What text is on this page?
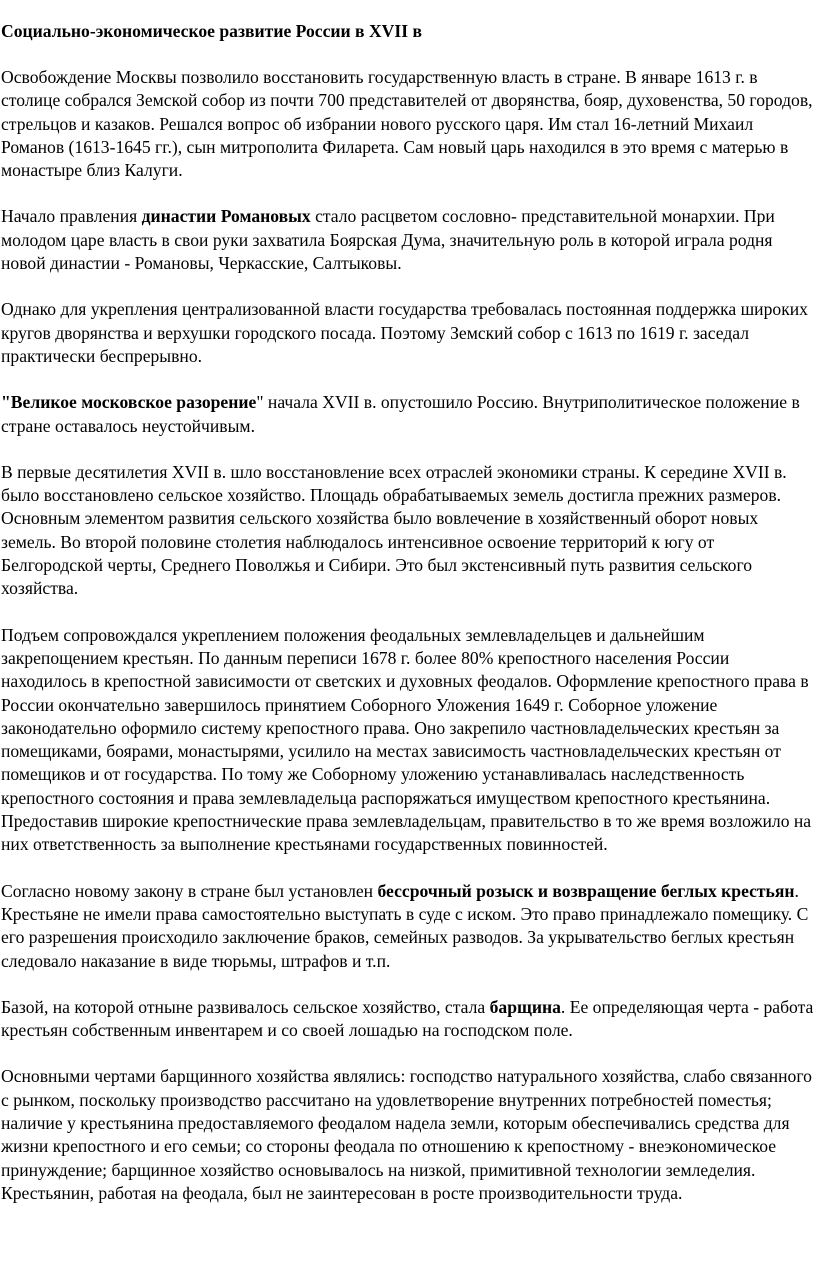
Социально-экономическое развитие России в XVII в

Освобождение Москвы позволило восстановить государственную власть в стране. В январе 1613 г. в столице собрался Земской собор из почти 700 представителей от дворянства, бояр, духовенства, 50 городов, стрельцов и казаков. Решался вопрос об избрании нового русского царя. Им стал 16-летний Михаил Романов (1613-1645 гг.), сын митрополита Филарета. Сам новый царь находился в это время с матерью в монастыре близ Калуги.

Начало правления династии Романовых стало расцветом сословно- представительной монархии. При молодом царе власть в свои руки захватила Боярская Дума, значительную роль в которой играла родня новой династии - Романовы, Черкасские, Салтыковы.

Однако для укрепления централизованной власти государства требовалась постоянная поддержка широких кругов дворянства и верхушки городского посада. Поэтому Земский собор с 1613 по 1619 г. заседал практически беспрерывно.

"Великое московское разорение" начала XVII в. опустошило Россию. Внутриполитическое положение в стране оставалось неустойчивым.

В первые десятилетия XVII в. шло восстановление всех отраслей экономики страны. К середине XVII в. было восстановлено сельское хозяйство. Площадь обрабатываемых земель достигла прежних размеров. Основным элементом развития сельского хозяйства было вовлечение в хозяйственный оборот новых земель. Во второй половине столетия наблюдалось интенсивное освоение территорий к югу от Белгородской черты, Среднего Поволжья и Сибири. Это был экстенсивный путь развития сельского хозяйства.

Подъем сопровождался укреплением положения феодальных землевладельцев и дальнейшим закрепощением крестьян. По данным переписи 1678 г. более 80% крепостного населения России находилось в крепостной зависимости от светских и духовных феодалов. Оформление крепостного права в России окончательно завершилось принятием Соборного Уложения 1649 г. Соборное уложение законодательно оформило систему крепостного права. Оно закрепило частновладельческих крестьян за помещиками, боярами, монастырями, усилило на местах зависимость частновладельческих крестьян от помещиков и от государства. По тому же Соборному уложению устанавливалась наследственность крепостного состояния и права землевладельца распоряжаться имуществом крепостного крестьянина. Предоставив широкие крепостнические права землевладельцам, правительство в то же время возложило на них ответственность за выполнение крестьянами государственных повинностей.

Согласно новому закону в стране был установлен бессрочный розыск и возвращение беглых крестьян. Крестьяне не имели права самостоятельно выступать в суде с иском. Это право принадлежало помещику. С его разрешения происходило заключение браков, семейных разводов. За укрывательство беглых крестьян следовало наказание в виде тюрьмы, штрафов и т.п.

Базой, на которой отныне развивалось сельское хозяйство, стала барщина. Ее определяющая черта - работа крестьян собственным инвентарем и со своей лошадью на господском поле.

Основными чертами барщинного хозяйства являлись: господство натурального хозяйства, слабо связанного с рынком, поскольку производство рассчитано на удовлетворение внутренних потребностей поместья; наличие у крестьянина предоставляемого феодалом надела земли, которым обеспечивались средства для жизни крепостного и его семьи; со стороны феодала по отношению к крепостному - внеэкономическое принуждение; барщинное хозяйство основывалось на низкой, примитивной технологии земледелия. Крестьянин, работая на феодала, был не заинтересован в росте производительности труда.
